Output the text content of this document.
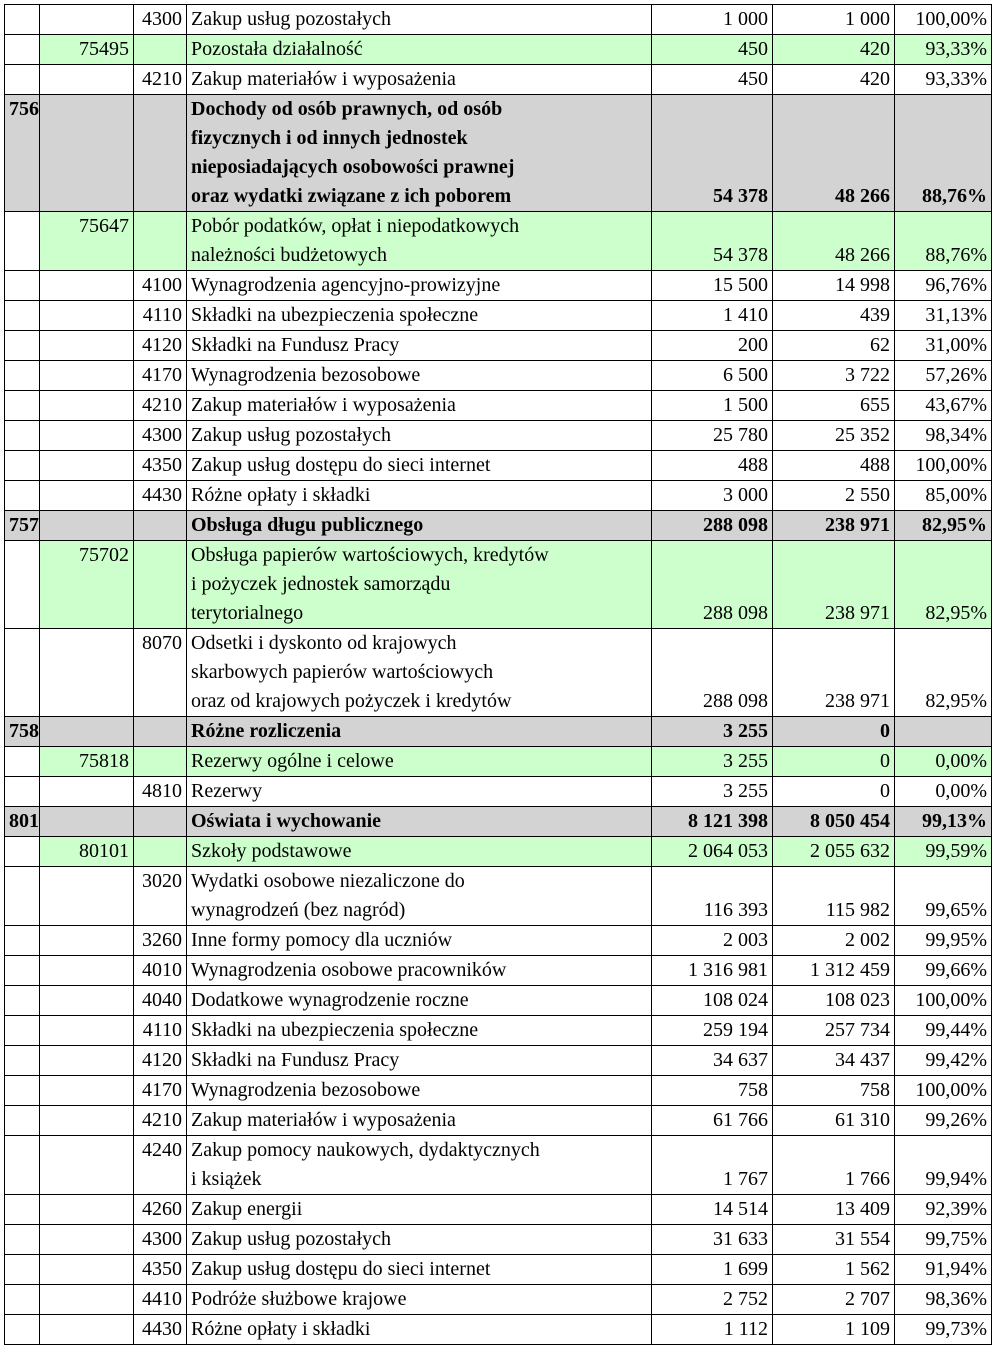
		4300	Zakup usług pozostałych	1 000	1 000	100,00%
	75495		Pozostała działalność	450	420	93,33%
		4210	Zakup materiałów i wyposażenia	450	420	93,33%
756			Dochody od osób prawnych, od osób
fizycznych i od innych jednostek
nieposiadających osobowości prawnej
oraz wydatki związane z ich poborem	54 378	48 266	88,76%
	75647		Pobór podatków, opłat i niepodatkowych
należności budżetowych	54 378	48 266	88,76%
		4100	Wynagrodzenia agencyjno-prowizyjne	15 500	14 998	96,76%
		4110	Składki na ubezpieczenia społeczne	1 410	439	31,13%
		4120	Składki na Fundusz Pracy	200	62	31,00%
		4170	Wynagrodzenia bezosobowe	6 500	3 722	57,26%
		4210	Zakup materiałów i wyposażenia	1 500	655	43,67%
		4300	Zakup usług pozostałych	25 780	25 352	98,34%
		4350	Zakup usług dostępu do sieci internet	488	488	100,00%
		4430	Różne opłaty i składki	3 000	2 550	85,00%
757			Obsługa długu publicznego	288 098	238 971	82,95%
	75702		Obsługa papierów wartościowych, kredytów
i pożyczek jednostek samorządu
terytorialnego	288 098	238 971	82,95%
		8070	Odsetki i dyskonto od krajowych
skarbowych papierów wartościowych
oraz od krajowych pożyczek i kredytów	288 098	238 971	82,95%
758			Różne rozliczenia	3 255	0	
	75818		Rezerwy ogólne i celowe	3 255	0	0,00%
		4810	Rezerwy	3 255	0	0,00%
801			Oświata i wychowanie	8 121 398	8 050 454	99,13%
	80101		Szkoły podstawowe	2 064 053	2 055 632	99,59%
		3020	Wydatki osobowe niezaliczone do
wynagrodzeń (bez nagród)	116 393	115 982	99,65%
		3260	Inne formy pomocy dla uczniów	2 003	2 002	99,95%
		4010	Wynagrodzenia osobowe pracowników	1 316 981	1 312 459	99,66%
		4040	Dodatkowe wynagrodzenie roczne	108 024	108 023	100,00%
		4110	Składki na ubezpieczenia społeczne	259 194	257 734	99,44%
		4120	Składki na Fundusz Pracy	34 637	34 437	99,42%
		4170	Wynagrodzenia bezosobowe	758	758	100,00%
		4210	Zakup materiałów i wyposażenia	61 766	61 310	99,26%
		4240	Zakup pomocy naukowych, dydaktycznych
i książek	1 767	1 766	99,94%
		4260	Zakup energii	14 514	13 409	92,39%
		4300	Zakup usług pozostałych	31 633	31 554	99,75%
		4350	Zakup usług dostępu do sieci internet	1 699	1 562	91,94%
		4410	Podróże służbowe krajowe	2 752	2 707	98,36%
		4430	Różne opłaty i składki	1 112	1 109	99,73%
